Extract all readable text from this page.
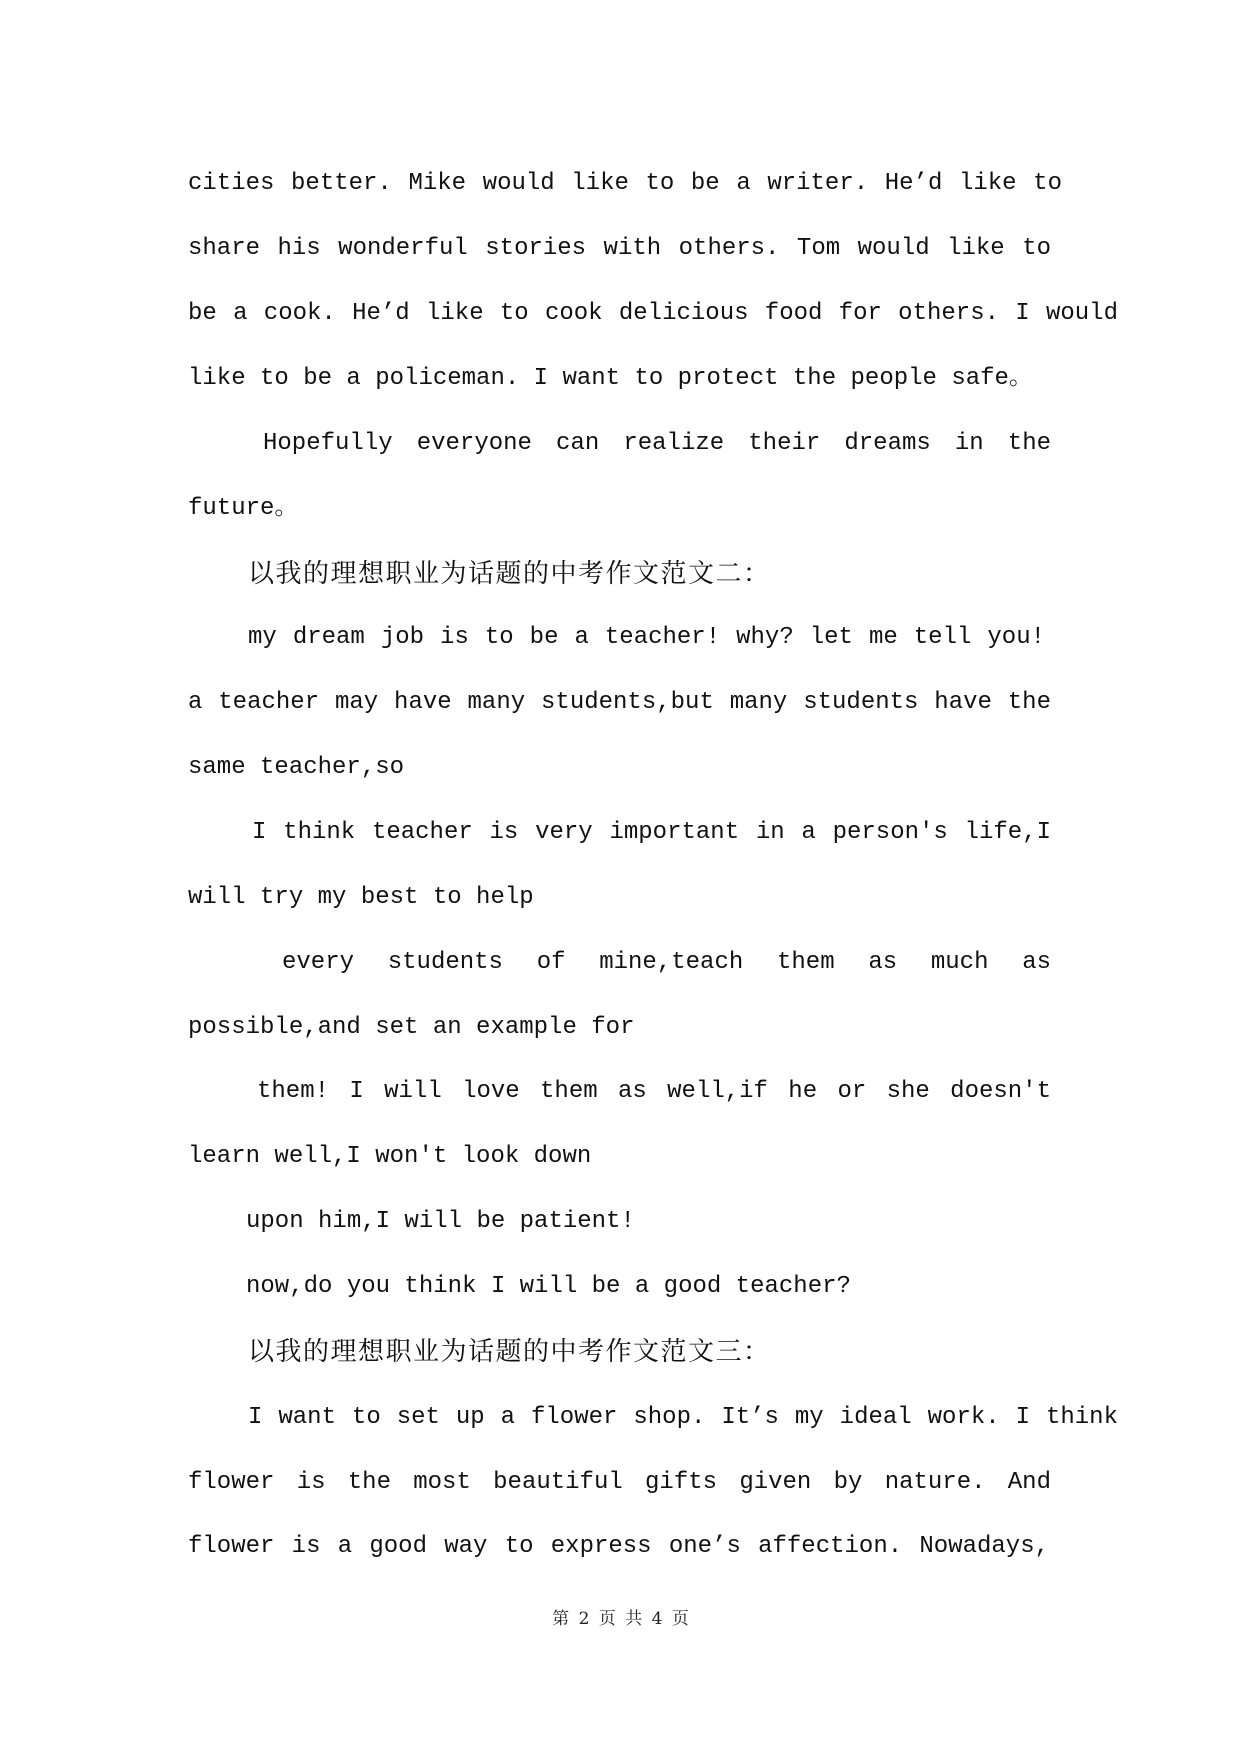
cities better. Mike would like to be a writer. He’d like to
share his wonderful stories with others. Tom would like to
be a cook. He’d like to cook delicious food for others. I would
like to be a policeman. I want to protect the people safe。
Hopefully everyone can realize their dreams in the
future。
以我的理想职业为话题的中考作文范文二：
my dream job is to be a teacher! why? let me tell you!
a teacher may have many students,but many students have the
same teacher,so
I think teacher is very important in a person's life,I
will try my best to help
every students of mine,teach them as much as
possible,and set an example for
them! I will love them as well,if he or she doesn't
learn well,I won't look down
upon him,I will be patient!
now,do you think I will be a good teacher?
以我的理想职业为话题的中考作文范文三：
I want to set up a flower shop. It’s my ideal work. I think
flower is the most beautiful gifts given by nature. And
flower is a good way to express one’s affection. Nowadays,
第 2 页 共 4 页
